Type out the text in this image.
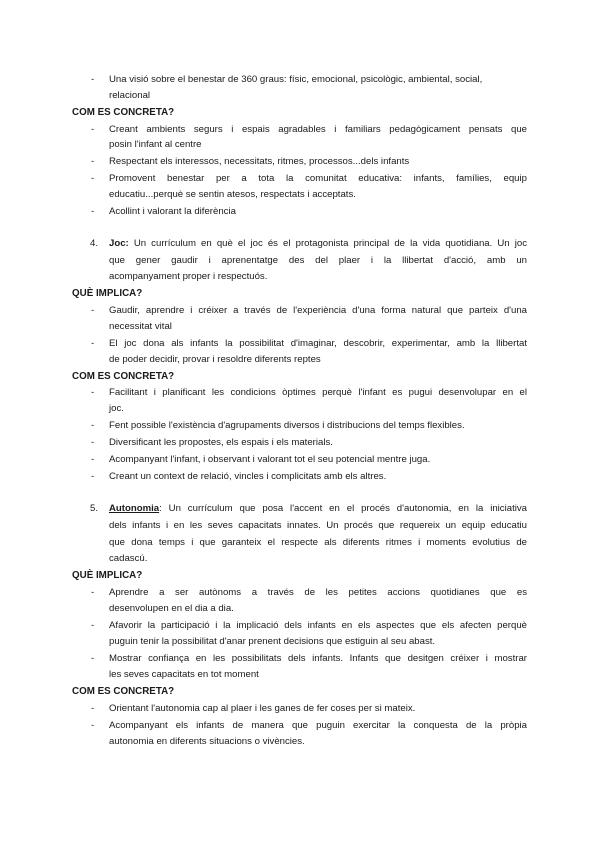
- Una visió sobre el benestar de 360 graus: físic, emocional, psicològic, ambiental, social,
relacional
COM ES CONCRETA?
- Creant ambients segurs i espais agradables i familiars pedagògicament pensats que
posin l'infant al centre
- Respectant els interessos, necessitats, ritmes, processos...dels infants
- Promovent benestar per a tota la comunitat educativa: infants, famílies, equip
educatiu...perquè se sentin atesos, respectats i acceptats.
- Acollint i valorant la diferència
4. Joc: Un currículum en què el joc és el protagonista principal de la vida quotidiana. Un joc
que gener gaudir i aprenentatge des del plaer i la llibertat d'acció, amb un
acompanyament proper i respectuós.
QUÈ IMPLICA?
- Gaudir, aprendre i créixer a través de l'experiència d'una forma natural que parteix d'una
necessitat vital
- El joc dona als infants la possibilitat d'imaginar, descobrir, experimentar, amb la llibertat
de poder decidir, provar i resoldre diferents reptes
COM ES CONCRETA?
- Facilitant i planificant les condicions òptimes perquè l'infant es pugui desenvolupar en el
joc.
- Fent possible l'existència d'agrupaments diversos i distribucions del temps flexibles.
- Diversificant les propostes, els espais i els materials.
- Acompanyant l'infant, i observant i valorant tot el seu potencial mentre juga.
- Creant un context de relació, vincles i complicitats amb els altres.
5. Autonomia: Un currículum que posa l'accent en el procés d'autonomia, en la iniciativa
dels infants i en les seves capacitats innates. Un procés que requereix un equip educatiu
que dona temps i que garanteix el respecte als diferents ritmes i moments evolutius de
cadascú.
QUÈ IMPLICA?
- Aprendre a ser autònoms a través de les petites accions quotidianes que es
desenvolupen en el dia a dia.
- Afavorir la participació i la implicació dels infants en els aspectes que els afecten perquè
puguin tenir la possibilitat d'anar prenent decisions que estiguin al seu abast.
- Mostrar confiança en les possibilitats dels infants. Infants que desitgen créixer i mostrar
les seves capacitats en tot moment
COM ES CONCRETA?
- Orientant l'autonomia cap al plaer i les ganes de fer coses per si mateix.
- Acompanyant els infants de manera que puguin exercitar la conquesta de la pròpia
autonomia en diferents situacions o vivències.
